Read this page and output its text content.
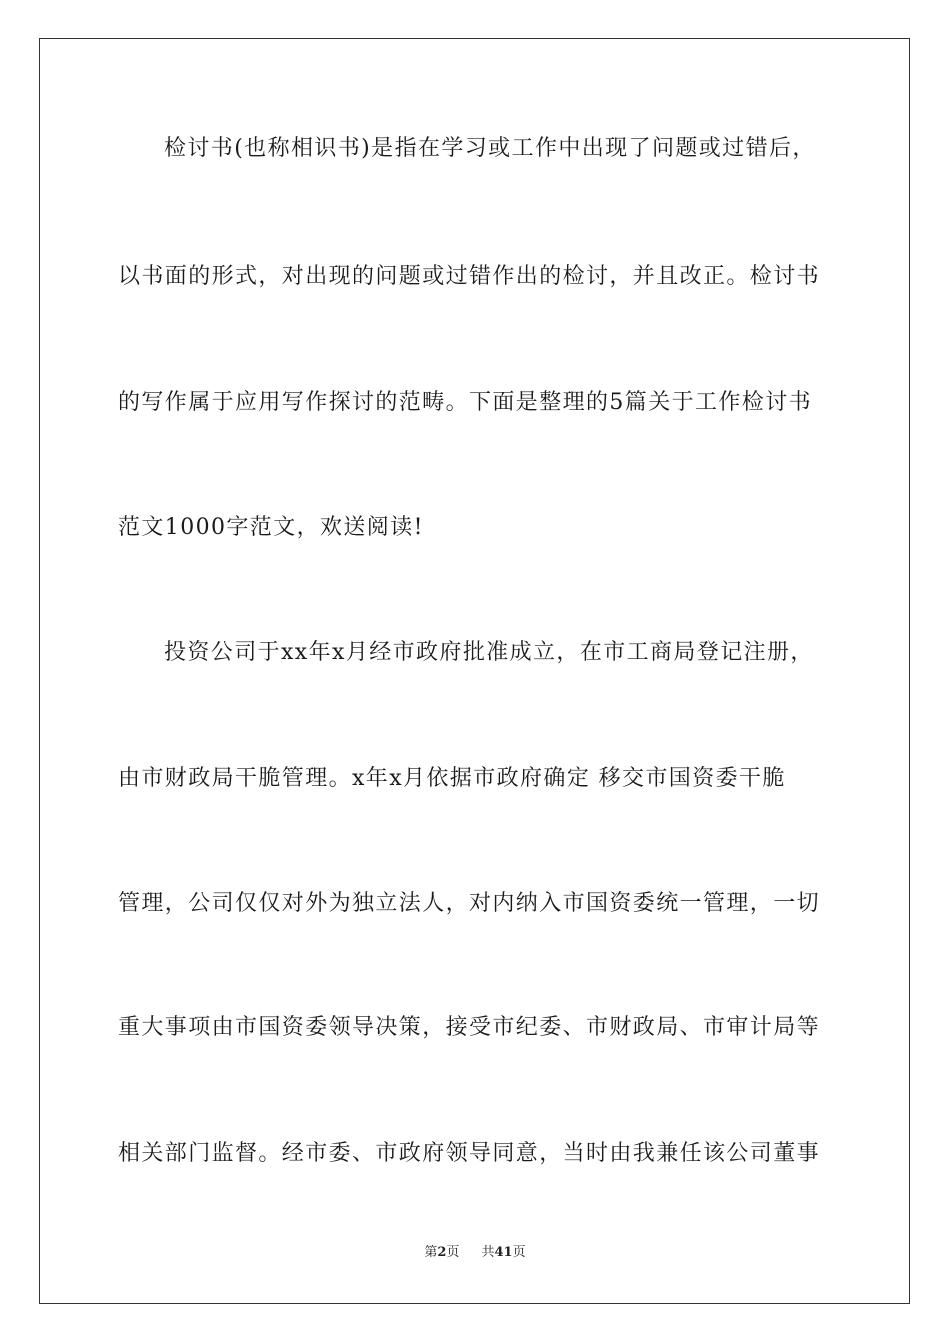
检讨书(也称相识书)是指在学习或工作中出现了问题或过错后，
以书面的形式，对出现的问题或过错作出的检讨，并且改正。检讨书
的写作属于应用写作探讨的范畴。下面是整理的5篇关于工作检讨书
范文1000字范文，欢送阅读!
投资公司于xx年x月经市政府批准成立，在市工商局登记注册，
由市财政局干脆管理。x年x月依据市政府确定 移交市国资委干脆
管理，公司仅仅对外为独立法人，对内纳入市国资委统一管理，一切
重大事项由市国资委领导决策，接受市纪委、市财政局、市审计局等
相关部门监督。经市委、市政府领导同意，当时由我兼任该公司董事
第2页 共41页
